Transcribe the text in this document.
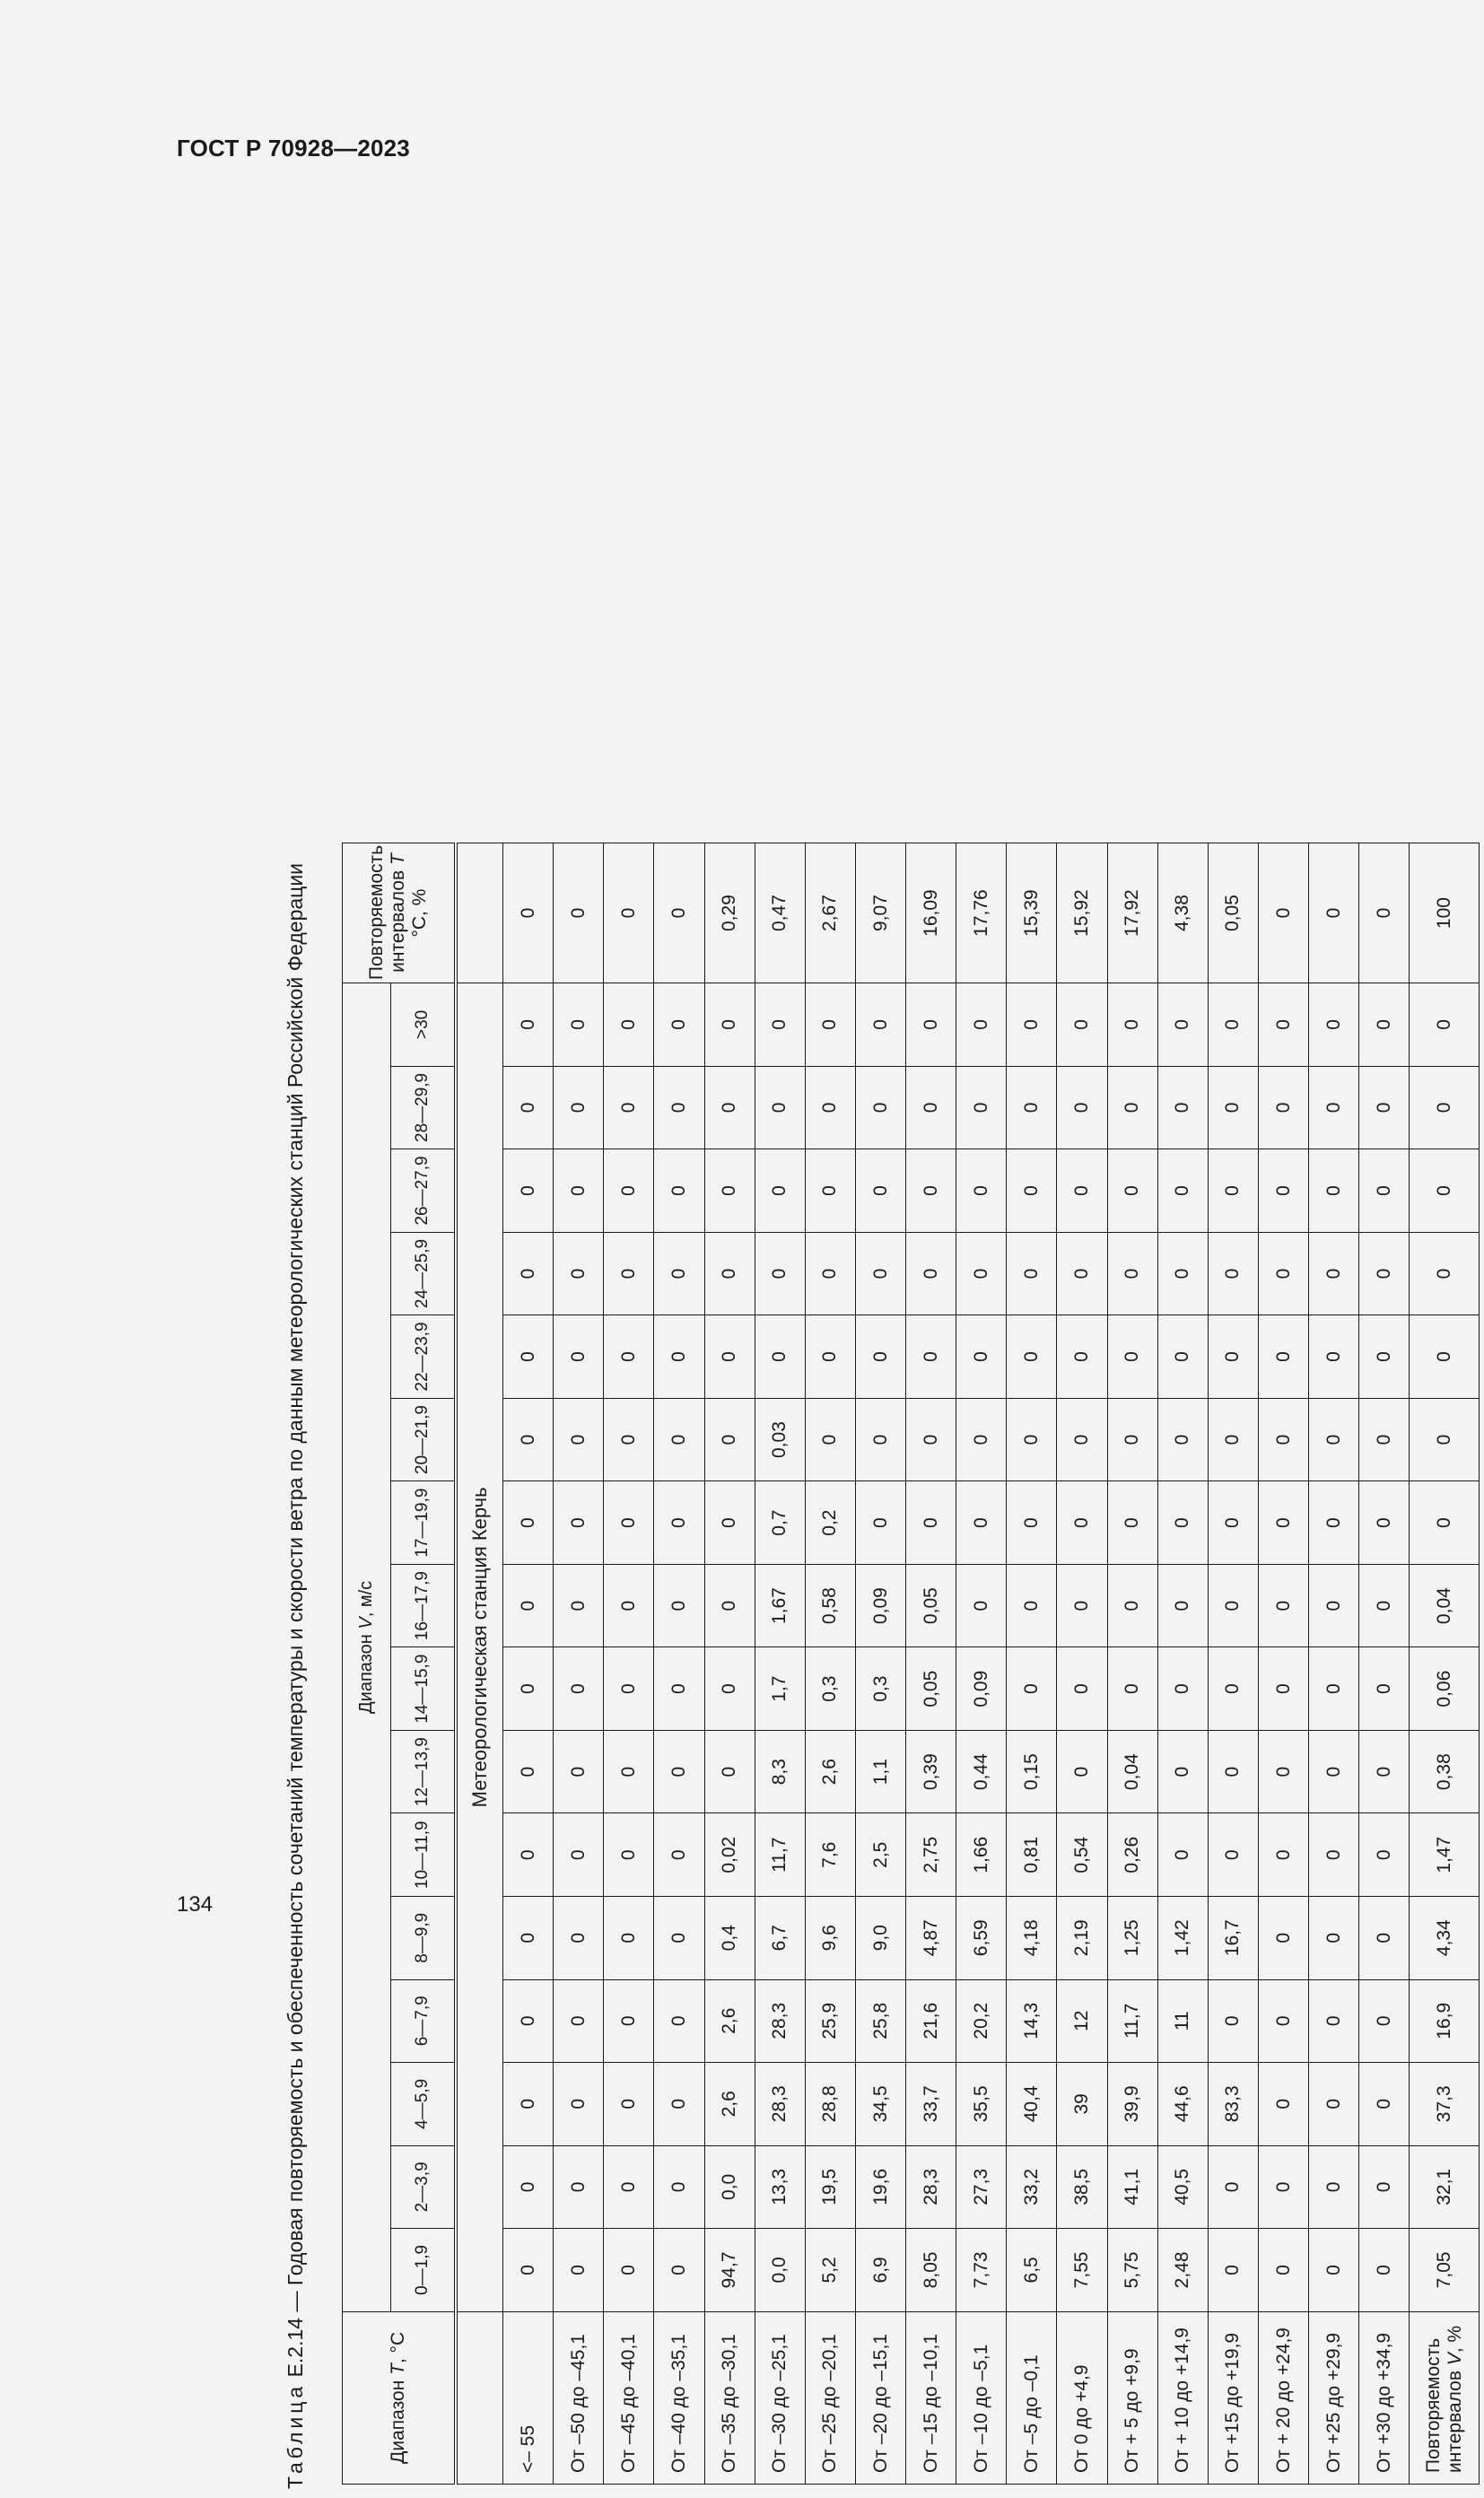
ГОСТ Р 70928—2023
134
Таблица Е.2.14 — Годовая повторяемость и обеспеченность сочетаний температуры и скорости ветра по данным метеорологических станций Российской Федерации
Диапазон T, °С	Диапазон V, м/с																Повторяемость интервалов T °С, %
	0—1,9	2—3,9	4—5,9	6—7,9	8—9,9	10—11,9	12—13,9	14—15,9	16—17,9	17—19,9	20—21,9	22—23,9	24—25,9	26—27,9	28—29,9	>30	
	Метеорологическая станция Керчь																
<– 55	0	0	0	0	0	0	0	0	0	0	0	0	0	0	0	0	0
От –50 до –45,1	0	0	0	0	0	0	0	0	0	0	0	0	0	0	0	0	0
От –45 до –40,1	0	0	0	0	0	0	0	0	0	0	0	0	0	0	0	0	0
От –40 до –35,1	0	0	0	0	0	0	0	0	0	0	0	0	0	0	0	0	0
От –35 до –30,1	94,7	0,0	2,6	2,6	0,4	0,02	0	0	0	0	0	0	0	0	0	0	0,29
От –30 до –25,1	0,0	13,3	28,3	28,3	6,7	11,7	8,3	1,7	1,67	0,7	0,03	0	0	0	0	0	0,47
От –25 до –20,1	5,2	19,5	28,8	25,9	9,6	7,6	2,6	0,3	0,58	0,2	0	0	0	0	0	0	2,67
От –20 до –15,1	6,9	19,6	34,5	25,8	9,0	2,5	1,1	0,3	0,09	0	0	0	0	0	0	0	9,07
От –15 до –10,1	8,05	28,3	33,7	21,6	4,87	2,75	0,39	0,05	0,05	0	0	0	0	0	0	0	16,09
От –10 до –5,1	7,73	27,3	35,5	20,2	6,59	1,66	0,44	0,09	0	0	0	0	0	0	0	0	17,76
От –5 до –0,1	6,5	33,2	40,4	14,3	4,18	0,81	0,15	0	0	0	0	0	0	0	0	0	15,39
От 0 до +4,9	7,55	38,5	39	12	2,19	0,54	0	0	0	0	0	0	0	0	0	0	15,92
От + 5 до +9,9	5,75	41,1	39,9	11,7	1,25	0,26	0,04	0	0	0	0	0	0	0	0	0	17,92
От + 10 до +14,9	2,48	40,5	44,6	11	1,42	0	0	0	0	0	0	0	0	0	0	0	4,38
От +15 до +19,9	0	0	83,3	0	16,7	0	0	0	0	0	0	0	0	0	0	0	0,05
От + 20 до +24,9	0	0	0	0	0	0	0	0	0	0	0	0	0	0	0	0	0
От +25 до +29,9	0	0	0	0	0	0	0	0	0	0	0	0	0	0	0	0	0
От +30 до +34,9	0	0	0	0	0	0	0	0	0	0	0	0	0	0	0	0	0
Повторяемость интервалов V, %	7,05	32,1	37,3	16,9	4,34	1,47	0,38	0,06	0,04	0	0	0	0	0	0	0	100
